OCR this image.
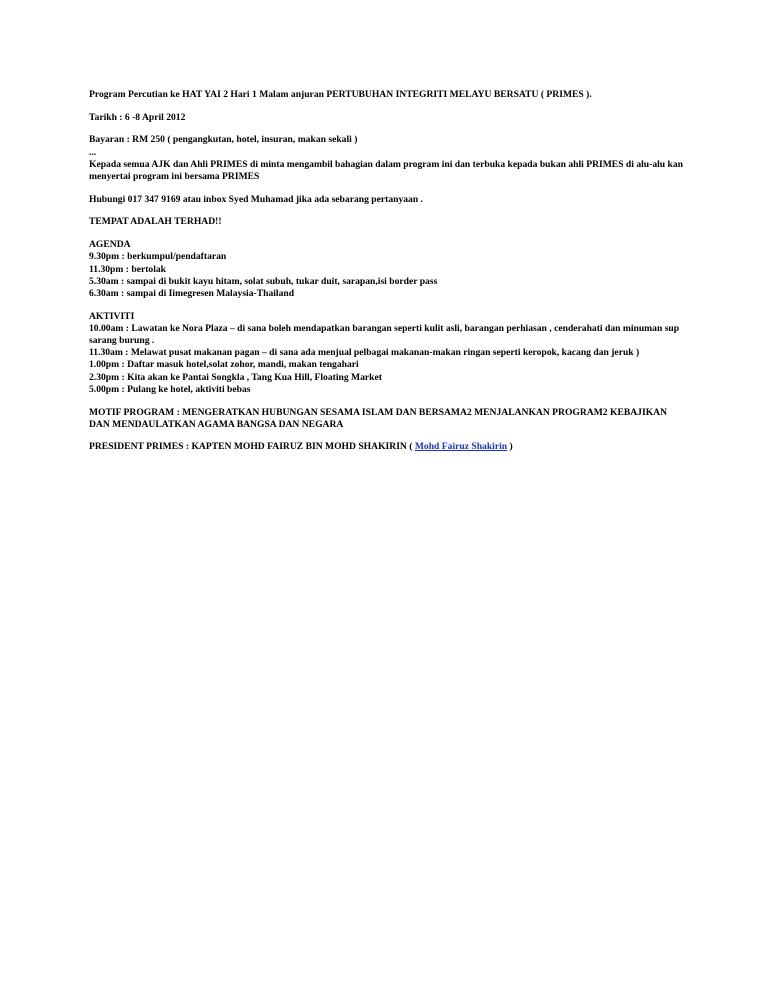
Program Percutian ke HAT YAI 2 Hari 1 Malam anjuran PERTUBUHAN INTEGRITI MELAYU BERSATU ( PRIMES ).
Tarikh : 6 -8 April 2012
Bayaran : RM 250 ( pengangkutan, hotel, insuran, makan sekali )
...
Kepada semua AJK dan Ahli PRIMES di minta mengambil bahagian dalam program ini dan terbuka kepada bukan ahli PRIMES di alu-alu kan menyertai program ini bersama PRIMES
Hubungi 017 347 9169 atau inbox Syed Muhamad jika ada sebarang pertanyaan .
TEMPAT ADALAH TERHAD!!
AGENDA
9.30pm : berkumpul/pendaftaran
11.30pm : bertolak
5.30am : sampai di bukit kayu hitam, solat subuh, tukar duit, sarapan,isi border pass
6.30am : sampai di Iimegresen Malaysia-Thailand
AKTIVITI
10.00am : Lawatan ke Nora Plaza – di sana boleh mendapatkan barangan seperti kulit asli, barangan perhiasan , cenderahati dan minuman sup sarang burung .
11.30am : Melawat pusat makanan pagan – di sana ada menjual pelbagai makanan-makan ringan seperti keropok, kacang dan jeruk )
1.00pm : Daftar masuk hotel,solat zohor, mandi, makan tengahari
2.30pm : Kita akan ke Pantai Songkla , Tang Kua Hill, Floating Market
5.00pm : Pulang ke hotel, aktiviti bebas
MOTIF PROGRAM : MENGERATKAN HUBUNGAN SESAMA ISLAM DAN BERSAMA2 MENJALANKAN PROGRAM2 KEBAJIKAN DAN MENDAULATKAN AGAMA BANGSA DAN NEGARA
PRESIDENT PRIMES : KAPTEN MOHD FAIRUZ BIN MOHD SHAKIRIN ( Mohd Fairuz Shakirin )
